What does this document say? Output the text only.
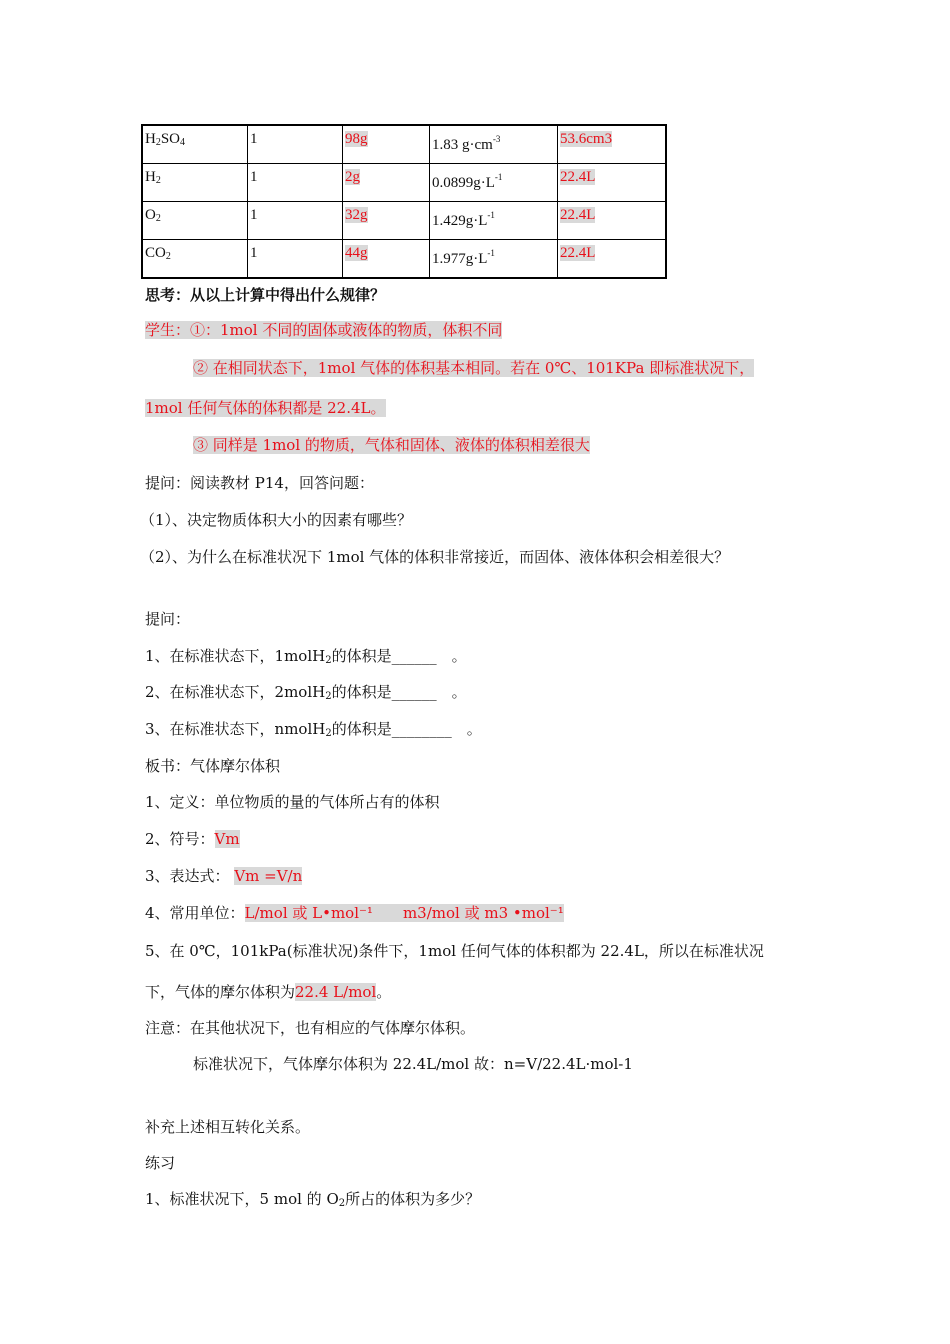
$H_2SO_4$	1	98g	1.83 $g\cdot cm^{-3}$	53.6cm3
$H_2$	1	2g	$0.0899g\cdot L^{-1}$	22.4L
$O_2$	1	32g	$1.429g\cdot L^{-1}$	22.4L
$CO_2$	1	44g	$1.977g\cdot L^{-1}$	22.4L
思考：从以上计算中得出什么规律？
学生：①：1mol 不同的固体或液体的物质，体积不同
② 在相同状态下，1mol 气体的体积基本相同。若在 0℃、101KPa 即标准状况下，
1mol 任何气体的体积都是 22.4L。
③ 同样是 1mol 的物质，气体和固体、液体的体积相差很大
提问：阅读教材 P14，回答问题：
（1）、决定物质体积大小的因素有哪些？
（2）、为什么在标准状况下 1mol 气体的体积非常接近，而固体、液体体积会相差很大？
提问：
1、在标准状态下，1molH$_2$的体积是______　。
2、在标准状态下，2molH$_2$的体积是______　。
3、在标准状态下，nmolH$_2$的体积是________　。
板书：气体摩尔体积
1、定义：单位物质的量的气体所占有的体积
2、符号：Vm
3、表达式： Vm =V/n
4、常用单位：L/mol 或 L•mol⁻¹　　m3/mol 或 m3 •mol⁻¹
5、在 0℃，101kPa(标准状况)条件下，1mol 任何气体的体积都为 22.4L，所以在标准状况
下，气体的摩尔体积为22.4 L/mol。
注意：在其他状况下，也有相应的气体摩尔体积。
标准状况下，气体摩尔体积为 22.4L/mol 故：n=V/22.4L·mol-1
补充上述相互转化关系。
练习
1、标准状况下，5 mol 的 $O_2$所占的体积为多少？
